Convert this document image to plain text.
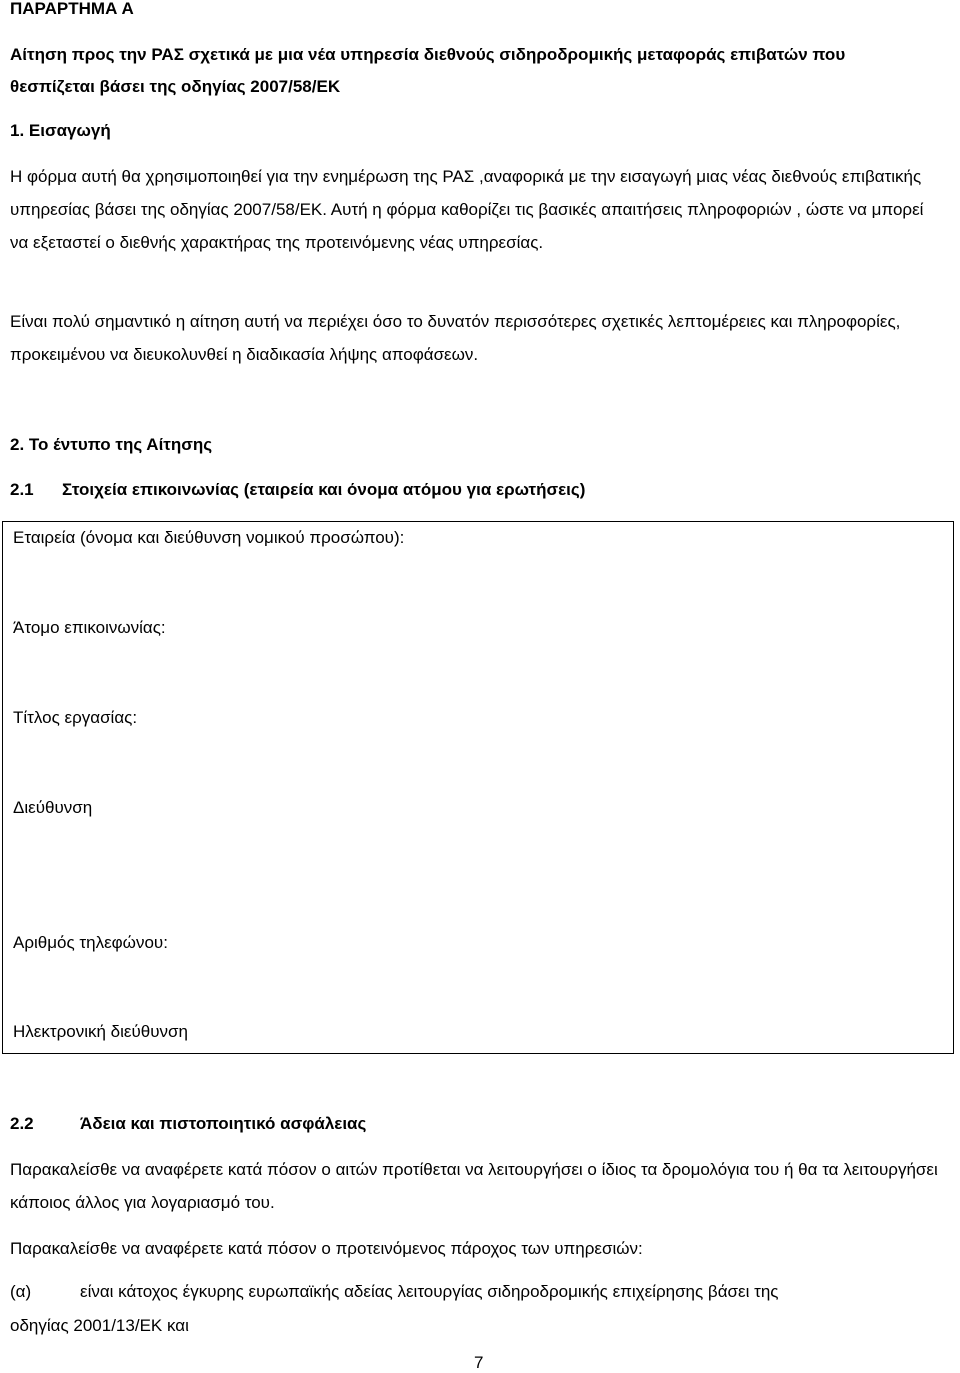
ΠΑΡΑΡΤΗΜΑ Α
Αίτηση προς την ΡΑΣ σχετικά με μια νέα υπηρεσία διεθνούς σιδηροδρομικής μεταφοράς επιβατών που
θεσπίζεται βάσει της οδηγίας 2007/58/ΕΚ
1. Εισαγωγή

Η φόρμα αυτή θα χρησιμοποιηθεί για την ενημέρωση της ΡΑΣ ,αναφορικά με την εισαγωγή μιας νέας διεθνούς επιβατικής υπηρεσίας βάσει της οδηγίας 2007/58/ΕΚ. Αυτή η φόρμα καθορίζει τις βασικές απαιτήσεις πληροφοριών , ώστε να μπορεί να εξεταστεί ο διεθνής χαρακτήρας της προτεινόμενης νέας υπηρεσίας.

Είναι πολύ σημαντικό η αίτηση αυτή να περιέχει όσο το δυνατόν περισσότερες σχετικές λεπτομέρειες και πληροφορίες, προκειμένου να διευκολυνθεί η διαδικασία λήψης αποφάσεων.

2. Το έντυπο της Αίτησης
2.1 Στοιχεία επικοινωνίας (εταιρεία και όνομα ατόμου για ερωτήσεις)
Εταιρεία (όνομα και διεύθυνση νομικού προσώπου):
Άτομο επικοινωνίας:
Τίτλος εργασίας:
Διεύθυνση
Αριθμός τηλεφώνου:
Ηλεκτρονική διεύθυνση
2.2	Άδεια και πιστοποιητικό ασφάλειας

Παρακαλείσθε να αναφέρετε κατά πόσον ο αιτών προτίθεται να λειτουργήσει ο ίδιος τα δρομολόγια του ή θα τα λειτουργήσει κάποιος άλλος για λογαριασμό του.

Παρακαλείσθε να αναφέρετε κατά πόσον ο προτεινόμενος πάροχος των υπηρεσιών:

(α)	είναι κάτοχος έγκυρης ευρωπαϊκής αδείας λειτουργίας σιδηροδρομικής επιχείρησης βάσει της
οδηγίας 2001/13/ΕΚ και
7
